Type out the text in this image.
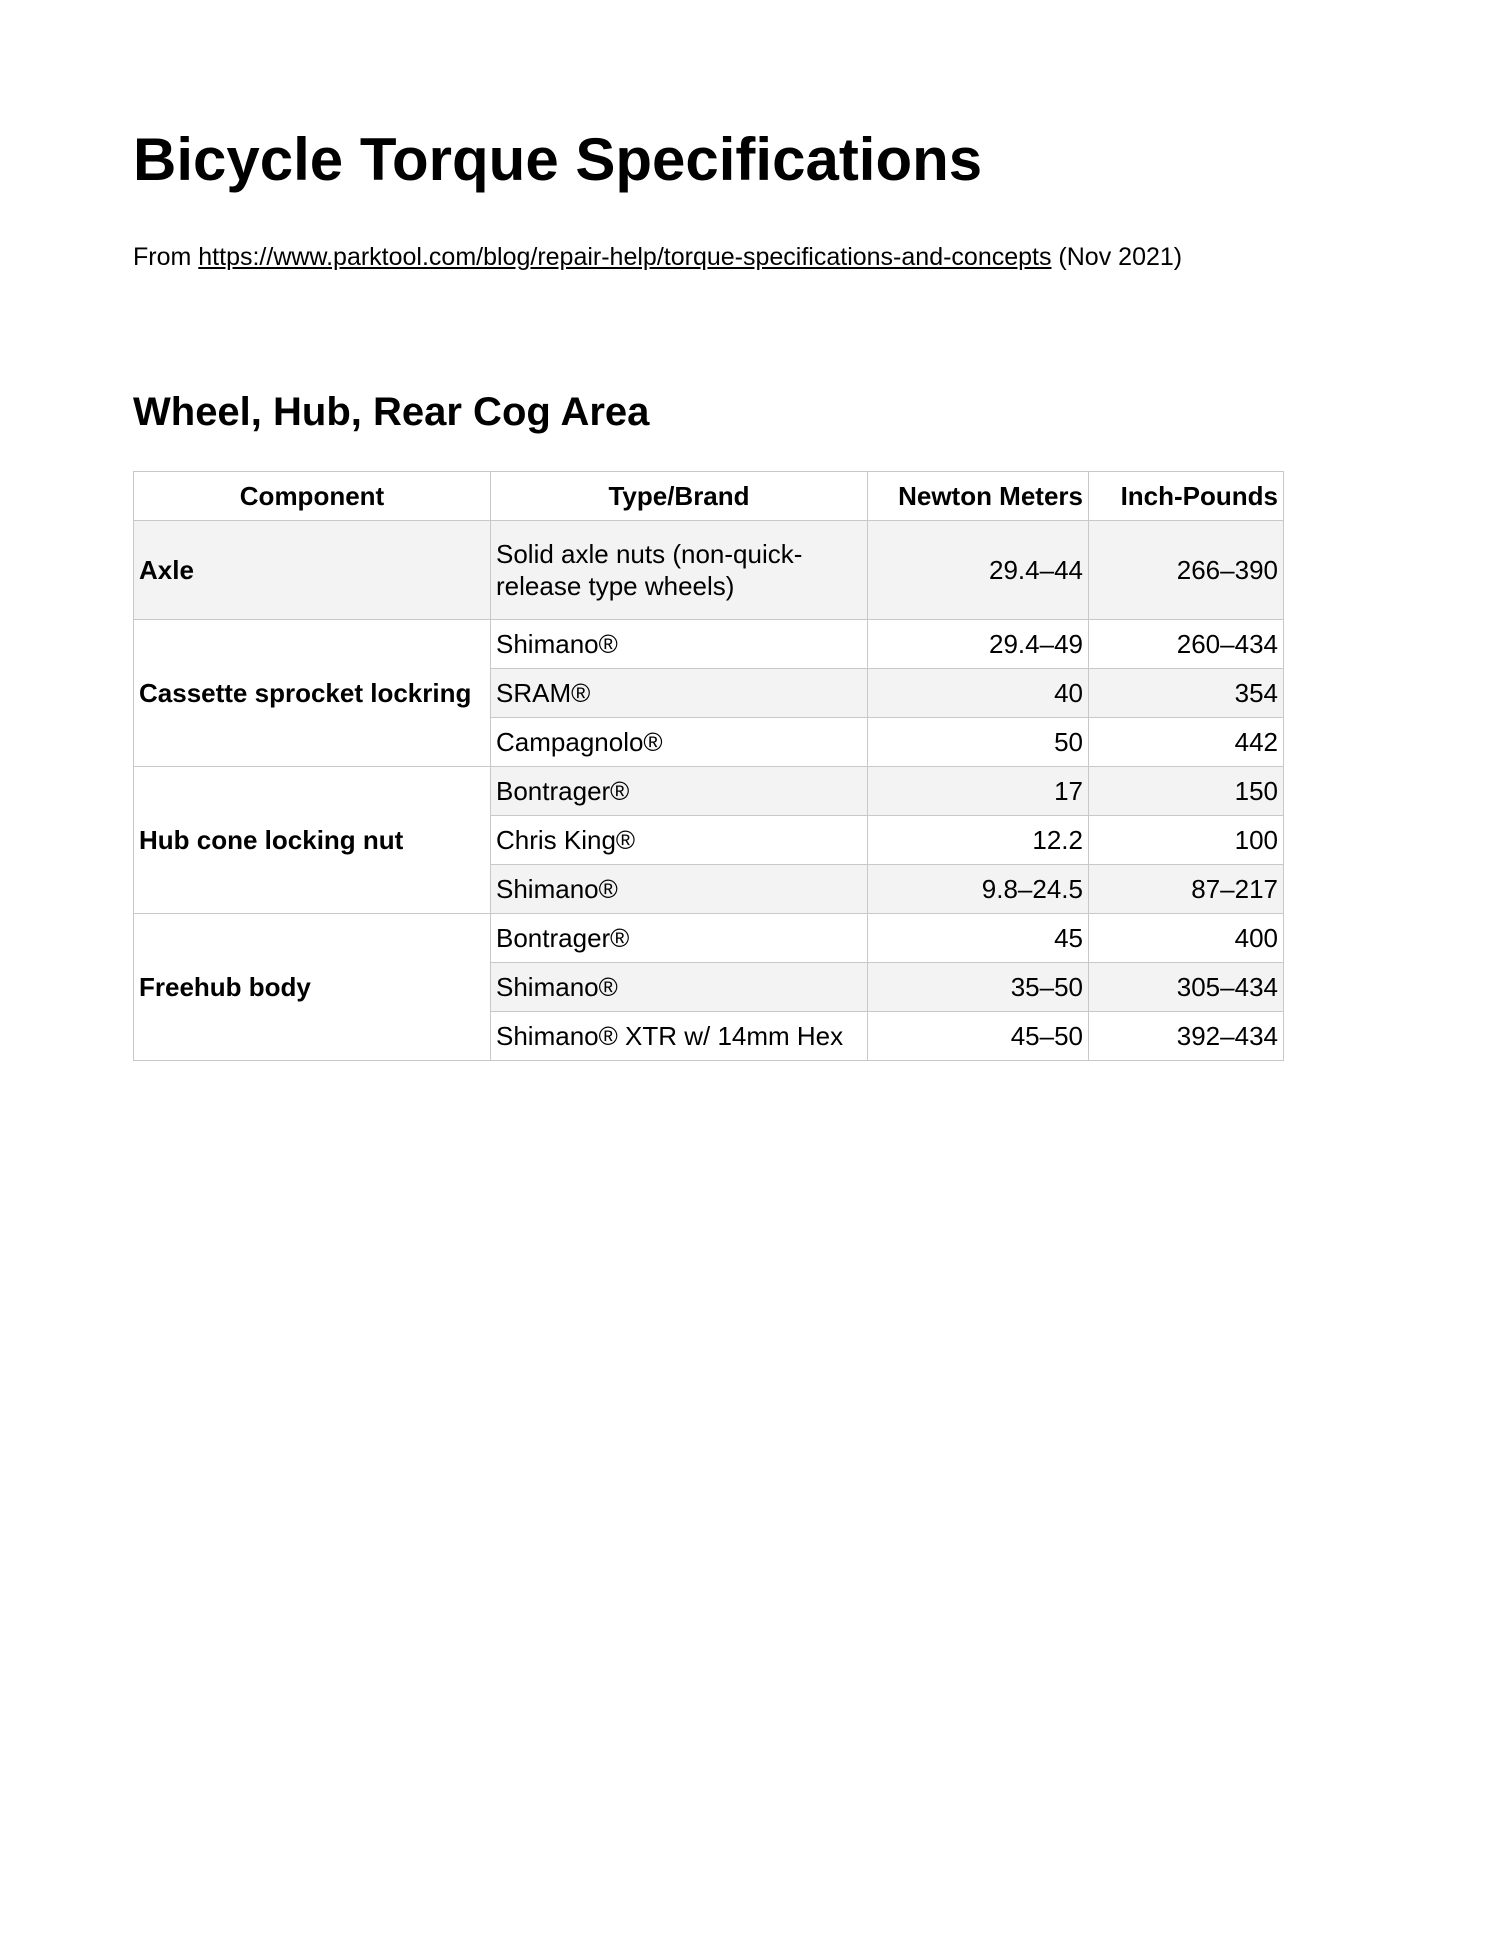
Bicycle Torque Specifications
From https://www.parktool.com/blog/repair-help/torque-specifications-and-concepts (Nov 2021)
Wheel, Hub, Rear Cog Area
Component	Type/Brand	Newton Meters	Inch-Pounds
Axle	Solid axle nuts (non-quick-release type wheels)	29.4–44	266–390
Cassette sprocket lockring	Shimano®	29.4–49	260–434
	SRAM®	40	354
	Campagnolo®	50	442
Hub cone locking nut	Bontrager®	17	150
	Chris King®	12.2	100
	Shimano®	9.8–24.5	87–217
Freehub body	Bontrager®	45	400
	Shimano®	35–50	305–434
	Shimano® XTR w/ 14mm Hex	45–50	392–434
